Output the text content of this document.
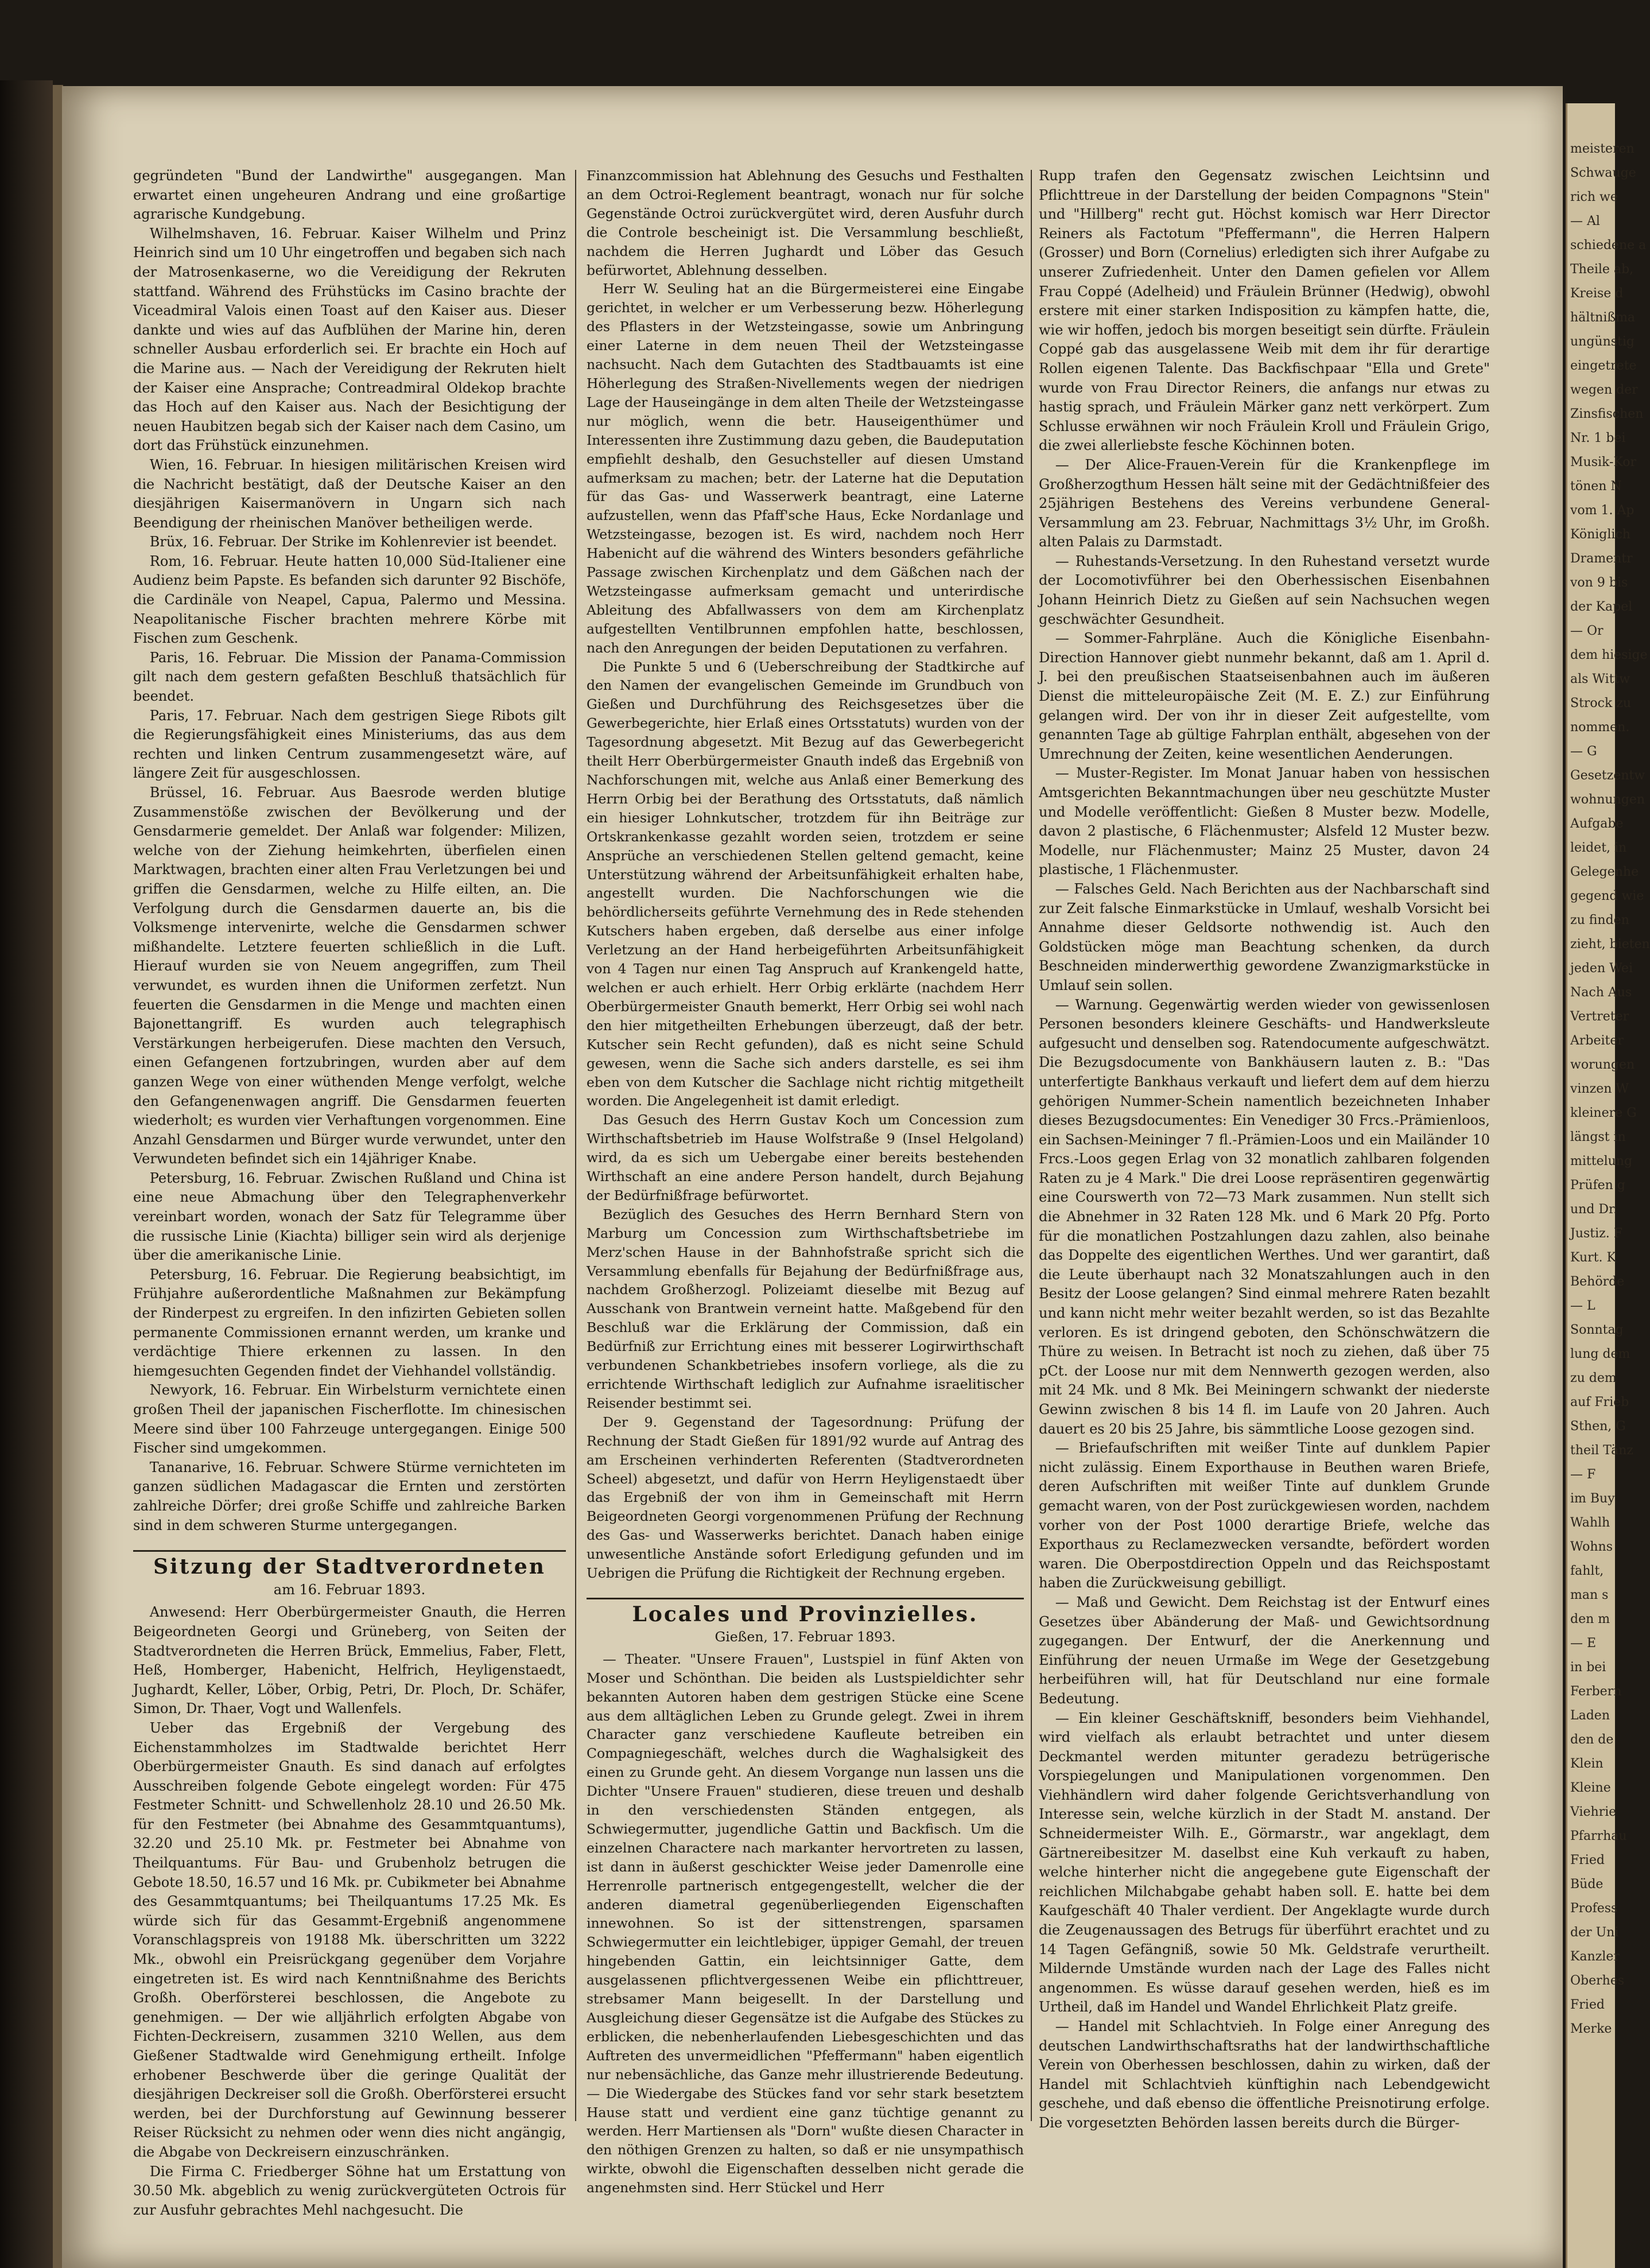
gegründeten "Bund der Landwirthe" ausgegangen. Man erwartet einen ungeheuren Andrang und eine großartige agrarische Kundgebung.

Wilhelmshaven, 16. Februar. Kaiser Wilhelm und Prinz Heinrich sind um 10 Uhr eingetroffen und begaben sich nach der Matrosenkaserne, wo die Vereidigung der Rekruten stattfand. Während des Frühstücks im Casino brachte der Viceadmiral Valois einen Toast auf den Kaiser aus. Dieser dankte und wies auf das Aufblühen der Marine hin, deren schneller Ausbau erforderlich sei. Er brachte ein Hoch auf die Marine aus. — Nach der Vereidigung der Rekruten hielt der Kaiser eine Ansprache; Contreadmiral Oldekop brachte das Hoch auf den Kaiser aus. Nach der Besichtigung der neuen Haubitzen begab sich der Kaiser nach dem Casino, um dort das Frühstück einzunehmen.

Wien, 16. Februar. In hiesigen militärischen Kreisen wird die Nachricht bestätigt, daß der Deutsche Kaiser an den diesjährigen Kaisermanövern in Ungarn sich nach Beendigung der rheinischen Manöver betheiligen werde.

Brüx, 16. Februar. Der Strike im Kohlenrevier ist beendet.

Rom, 16. Februar. Heute hatten 10,000 Süd-Italiener eine Audienz beim Papste. Es befanden sich darunter 92 Bischöfe, die Cardinäle von Neapel, Capua, Palermo und Messina. Neapolitanische Fischer brachten mehrere Körbe mit Fischen zum Geschenk.

Paris, 16. Februar. Die Mission der Panama-Commission gilt nach dem gestern gefaßten Beschluß thatsächlich für beendet.

Paris, 17. Februar. Nach dem gestrigen Siege Ribots gilt die Regierungsfähigkeit eines Ministeriums, das aus dem rechten und linken Centrum zusammengesetzt wäre, auf längere Zeit für ausgeschlossen.

Brüssel, 16. Februar. Aus Baesrode werden blutige Zusammenstöße zwischen der Bevölkerung und der Gensdarmerie gemeldet. Der Anlaß war folgender: Milizen, welche von der Ziehung heimkehrten, überfielen einen Marktwagen, brachten einer alten Frau Verletzungen bei und griffen die Gensdarmen, welche zu Hilfe eilten, an. Die Verfolgung durch die Gensdarmen dauerte an, bis die Volksmenge intervenirte, welche die Gensdarmen schwer mißhandelte. Letztere feuerten schließlich in die Luft. Hierauf wurden sie von Neuem angegriffen, zum Theil verwundet, es wurden ihnen die Uniformen zerfetzt. Nun feuerten die Gensdarmen in die Menge und machten einen Bajonettangriff. Es wurden auch telegraphisch Verstärkungen herbeigerufen. Diese machten den Versuch, einen Gefangenen fortzubringen, wurden aber auf dem ganzen Wege von einer wüthenden Menge verfolgt, welche den Gefangenenwagen angriff. Die Gensdarmen feuerten wiederholt; es wurden vier Verhaftungen vorgenommen. Eine Anzahl Gensdarmen und Bürger wurde verwundet, unter den Verwundeten befindet sich ein 14jähriger Knabe.

Petersburg, 16. Februar. Zwischen Rußland und China ist eine neue Abmachung über den Telegraphenverkehr vereinbart worden, wonach der Satz für Telegramme über die russische Linie (Kiachta) billiger sein wird als derjenige über die amerikanische Linie.

Petersburg, 16. Februar. Die Regierung beabsichtigt, im Frühjahre außerordentliche Maßnahmen zur Bekämpfung der Rinderpest zu ergreifen. In den infizirten Gebieten sollen permanente Commissionen ernannt werden, um kranke und verdächtige Thiere erkennen zu lassen. In den hiemgesuchten Gegenden findet der Viehhandel vollständig.

Newyork, 16. Februar. Ein Wirbelsturm vernichtete einen großen Theil der japanischen Fischerflotte. Im chinesischen Meere sind über 100 Fahrzeuge untergegangen. Einige 500 Fischer sind umgekommen.

Tananarive, 16. Februar. Schwere Stürme vernichteten im ganzen südlichen Madagascar die Ernten und zerstörten zahlreiche Dörfer; drei große Schiffe und zahlreiche Barken sind in dem schweren Sturme untergegangen.

Sitzung der Stadtverordneten
am 16. Februar 1893.

Anwesend: Herr Oberbürgermeister Gnauth, die Herren Beigeordneten Georgi und Grüneberg, von Seiten der Stadtverordneten die Herren Brück, Emmelius, Faber, Flett, Heß, Homberger, Habenicht, Helfrich, Heyligenstaedt, Jughardt, Keller, Löber, Orbig, Petri, Dr. Ploch, Dr. Schäfer, Simon, Dr. Thaer, Vogt und Wallenfels.

Ueber das Ergebniß der Vergebung des Eichenstammholzes im Stadtwalde berichtet Herr Oberbürgermeister Gnauth. Es sind danach auf erfolgtes Ausschreiben folgende Gebote eingelegt worden: Für 475 Festmeter Schnitt- und Schwellenholz 28.10 und 26.50 Mk. für den Festmeter (bei Abnahme des Gesammtquantums), 32.20 und 25.10 Mk. pr. Festmeter bei Abnahme von Theilquantums. Für Bau- und Grubenholz betrugen die Gebote 18.50, 16.57 und 16 Mk. pr. Cubikmeter bei Abnahme des Gesammtquantums; bei Theilquantums 17.25 Mk. Es würde sich für das Gesammt-Ergebniß angenommene Voranschlagspreis von 19188 Mk. überschritten um 3222 Mk., obwohl ein Preisrückgang gegenüber dem Vorjahre eingetreten ist. Es wird nach Kenntnißnahme des Berichts Großh. Oberförsterei beschlossen, die Angebote zu genehmigen. — Der wie alljährlich erfolgten Abgabe von Fichten-Deckreisern, zusammen 3210 Wellen, aus dem Gießener Stadtwalde wird Genehmigung ertheilt. Infolge erhobener Beschwerde über die geringe Qualität der diesjährigen Deckreiser soll die Großh. Oberförsterei ersucht werden, bei der Durchforstung auf Gewinnung besserer Reiser Rücksicht zu nehmen oder wenn dies nicht angängig, die Abgabe von Deckreisern einzuschränken.

Die Firma C. Friedberger Söhne hat um Erstattung von 30.50 Mk. abgeblich zu wenig zurückvergüteten Octrois für zur Ausfuhr gebrachtes Mehl nachgesucht. Die

Finanzcommission hat Ablehnung des Gesuchs und Festhalten an dem Octroi-Reglement beantragt, wonach nur für solche Gegenstände Octroi zurückvergütet wird, deren Ausfuhr durch die Controle bescheinigt ist. Die Versammlung beschließt, nachdem die Herren Jughardt und Löber das Gesuch befürwortet, Ablehnung desselben.

Herr W. Seuling hat an die Bürgermeisterei eine Eingabe gerichtet, in welcher er um Verbesserung bezw. Höherlegung des Pflasters in der Wetzsteingasse, sowie um Anbringung einer Laterne in dem neuen Theil der Wetzsteingasse nachsucht. Nach dem Gutachten des Stadtbauamts ist eine Höherlegung des Straßen-Nivellements wegen der niedrigen Lage der Hauseingänge in dem alten Theile der Wetzsteingasse nur möglich, wenn die betr. Hauseigenthümer und Interessenten ihre Zustimmung dazu geben, die Baudeputation empfiehlt deshalb, den Gesuchsteller auf diesen Umstand aufmerksam zu machen; betr. der Laterne hat die Deputation für das Gas- und Wasserwerk beantragt, eine Laterne aufzustellen, wenn das Pfaff'sche Haus, Ecke Nordanlage und Wetzsteingasse, bezogen ist. Es wird, nachdem noch Herr Habenicht auf die während des Winters besonders gefährliche Passage zwischen Kirchenplatz und dem Gäßchen nach der Wetzsteingasse aufmerksam gemacht und unterirdische Ableitung des Abfallwassers von dem am Kirchenplatz aufgestellten Ventilbrunnen empfohlen hatte, beschlossen, nach den Anregungen der beiden Deputationen zu verfahren.

Die Punkte 5 und 6 (Ueberschreibung der Stadtkirche auf den Namen der evangelischen Gemeinde im Grundbuch von Gießen und Durchführung des Reichsgesetzes über die Gewerbegerichte, hier Erlaß eines Ortsstatuts) wurden von der Tagesordnung abgesetzt. Mit Bezug auf das Gewerbegericht theilt Herr Oberbürgermeister Gnauth indeß das Ergebniß von Nachforschungen mit, welche aus Anlaß einer Bemerkung des Herrn Orbig bei der Berathung des Ortsstatuts, daß nämlich ein hiesiger Lohnkutscher, trotzdem für ihn Beiträge zur Ortskrankenkasse gezahlt worden seien, trotzdem er seine Ansprüche an verschiedenen Stellen geltend gemacht, keine Unterstützung während der Arbeitsunfähigkeit erhalten habe, angestellt wurden. Die Nachforschungen wie die behördlicherseits geführte Vernehmung des in Rede stehenden Kutschers haben ergeben, daß derselbe aus einer infolge Verletzung an der Hand herbeigeführten Arbeitsunfähigkeit von 4 Tagen nur einen Tag Anspruch auf Krankengeld hatte, welchen er auch erhielt. Herr Orbig erklärte (nachdem Herr Oberbürgermeister Gnauth bemerkt, Herr Orbig sei wohl nach den hier mitgetheilten Erhebungen überzeugt, daß der betr. Kutscher sein Recht gefunden), daß es nicht seine Schuld gewesen, wenn die Sache sich anders darstelle, es sei ihm eben von dem Kutscher die Sachlage nicht richtig mitgetheilt worden. Die Angelegenheit ist damit erledigt.

Das Gesuch des Herrn Gustav Koch um Concession zum Wirthschaftsbetrieb im Hause Wolfstraße 9 (Insel Helgoland) wird, da es sich um Uebergabe einer bereits bestehenden Wirthschaft an eine andere Person handelt, durch Bejahung der Bedürfnißfrage befürwortet.

Bezüglich des Gesuches des Herrn Bernhard Stern von Marburg um Concession zum Wirthschaftsbetriebe im Merz'schen Hause in der Bahnhofstraße spricht sich die Versammlung ebenfalls für Bejahung der Bedürfnißfrage aus, nachdem Großherzogl. Polizeiamt dieselbe mit Bezug auf Ausschank von Brantwein verneint hatte. Maßgebend für den Beschluß war die Erklärung der Commission, daß ein Bedürfniß zur Errichtung eines mit besserer Logirwirthschaft verbundenen Schankbetriebes insofern vorliege, als die zu errichtende Wirthschaft lediglich zur Aufnahme israelitischer Reisender bestimmt sei.

Der 9. Gegenstand der Tagesordnung: Prüfung der Rechnung der Stadt Gießen für 1891/92 wurde auf Antrag des am Erscheinen verhinderten Referenten (Stadtverordneten Scheel) abgesetzt, und dafür von Herrn Heyligenstaedt über das Ergebniß der von ihm in Gemeinschaft mit Herrn Beigeordneten Georgi vorgenommenen Prüfung der Rechnung des Gas- und Wasserwerks berichtet. Danach haben einige unwesentliche Anstände sofort Erledigung gefunden und im Uebrigen die Prüfung die Richtigkeit der Rechnung ergeben.

Locales und Provinzielles.
Gießen, 17. Februar 1893.

— Theater. "Unsere Frauen", Lustspiel in fünf Akten von Moser und Schönthan. Die beiden als Lustspieldichter sehr bekannten Autoren haben dem gestrigen Stücke eine Scene aus dem alltäglichen Leben zu Grunde gelegt. Zwei in ihrem Character ganz verschiedene Kaufleute betreiben ein Compagniegeschäft, welches durch die Waghalsigkeit des einen zu Grunde geht. An diesem Vorgange nun lassen uns die Dichter "Unsere Frauen" studieren, diese treuen und deshalb in den verschiedensten Ständen entgegen, als Schwiegermutter, jugendliche Gattin und Backfisch. Um die einzelnen Charactere nach markanter hervortreten zu lassen, ist dann in äußerst geschickter Weise jeder Damenrolle eine Herrenrolle partnerisch entgegengestellt, welcher die der anderen diametral gegenüberliegenden Eigenschaften innewohnen. So ist der sittenstrengen, sparsamen Schwiegermutter ein leichtlebiger, üppiger Gemahl, der treuen hingebenden Gattin, ein leichtsinniger Gatte, dem ausgelassenen pflichtvergessenen Weibe ein pflichttreuer, strebsamer Mann beigesellt. In der Darstellung und Ausgleichung dieser Gegensätze ist die Aufgabe des Stückes zu erblicken, die nebenherlaufenden Liebesgeschichten und das Auftreten des unvermeidlichen "Pfeffermann" haben eigentlich nur nebensächliche, das Ganze mehr illustrierende Bedeutung. — Die Wiedergabe des Stückes fand vor sehr stark besetztem Hause statt und verdient eine ganz tüchtige genannt zu werden. Herr Martiensen als "Dorn" wußte diesen Character in den nöthigen Grenzen zu halten, so daß er nie unsympathisch wirkte, obwohl die Eigenschaften desselben nicht gerade die angenehmsten sind. Herr Stückel und Herr

Rupp trafen den Gegensatz zwischen Leichtsinn und Pflichttreue in der Darstellung der beiden Compagnons "Stein" und "Hillberg" recht gut. Höchst komisch war Herr Director Reiners als Factotum "Pfeffermann", die Herren Halpern (Grosser) und Born (Cornelius) erledigten sich ihrer Aufgabe zu unserer Zufriedenheit. Unter den Damen gefielen vor Allem Frau Coppé (Adelheid) und Fräulein Brünner (Hedwig), obwohl erstere mit einer starken Indisposition zu kämpfen hatte, die, wie wir hoffen, jedoch bis morgen beseitigt sein dürfte. Fräulein Coppé gab das ausgelassene Weib mit dem ihr für derartige Rollen eigenen Talente. Das Backfischpaar "Ella und Grete" wurde von Frau Director Reiners, die anfangs nur etwas zu hastig sprach, und Fräulein Märker ganz nett verkörpert. Zum Schlusse erwähnen wir noch Fräulein Kroll und Fräulein Grigo, die zwei allerliebste fesche Köchinnen boten.

— Der Alice-Frauen-Verein für die Krankenpflege im Großherzogthum Hessen hält seine mit der Gedächtnißfeier des 25jährigen Bestehens des Vereins verbundene General-Versammlung am 23. Februar, Nachmittags 3½ Uhr, im Großh. alten Palais zu Darmstadt.

— Ruhestands-Versetzung. In den Ruhestand versetzt wurde der Locomotivführer bei den Oberhessischen Eisenbahnen Johann Heinrich Dietz zu Gießen auf sein Nachsuchen wegen geschwächter Gesundheit.

— Sommer-Fahrpläne. Auch die Königliche Eisenbahn-Direction Hannover giebt nunmehr bekannt, daß am 1. April d. J. bei den preußischen Staatseisenbahnen auch im äußeren Dienst die mitteleuropäische Zeit (M. E. Z.) zur Einführung gelangen wird. Der von ihr in dieser Zeit aufgestellte, vom genannten Tage ab gültige Fahrplan enthält, abgesehen von der Umrechnung der Zeiten, keine wesentlichen Aenderungen.

— Muster-Register. Im Monat Januar haben von hessischen Amtsgerichten Bekanntmachungen über neu geschützte Muster und Modelle veröffentlicht: Gießen 8 Muster bezw. Modelle, davon 2 plastische, 6 Flächenmuster; Alsfeld 12 Muster bezw. Modelle, nur Flächenmuster; Mainz 25 Muster, davon 24 plastische, 1 Flächenmuster.

— Falsches Geld. Nach Berichten aus der Nachbarschaft sind zur Zeit falsche Einmarkstücke in Umlauf, weshalb Vorsicht bei Annahme dieser Geldsorte nothwendig ist. Auch den Goldstücken möge man Beachtung schenken, da durch Beschneiden minderwerthig gewordene Zwanzigmarkstücke in Umlauf sein sollen.

— Warnung. Gegenwärtig werden wieder von gewissenlosen Personen besonders kleinere Geschäfts- und Handwerksleute aufgesucht und denselben sog. Ratendocumente aufgeschwätzt. Die Bezugsdocumente von Bankhäusern lauten z. B.: "Das unterfertigte Bankhaus verkauft und liefert dem auf dem hierzu gehörigen Nummer-Schein namentlich bezeichneten Inhaber dieses Bezugsdocumentes: Ein Venediger 30 Frcs.-Prämienloos, ein Sachsen-Meininger 7 fl.-Prämien-Loos und ein Mailänder 10 Frcs.-Loos gegen Erlag von 32 monatlich zahlbaren folgenden Raten zu je 4 Mark." Die drei Loose repräsentiren gegenwärtig eine Courswerth von 72—73 Mark zusammen. Nun stellt sich die Abnehmer in 32 Raten 128 Mk. und 6 Mark 20 Pfg. Porto für die monatlichen Postzahlungen dazu zahlen, also beinahe das Doppelte des eigentlichen Werthes. Und wer garantirt, daß die Leute überhaupt nach 32 Monatszahlungen auch in den Besitz der Loose gelangen? Sind einmal mehrere Raten bezahlt und kann nicht mehr weiter bezahlt werden, so ist das Bezahlte verloren. Es ist dringend geboten, den Schönschwätzern die Thüre zu weisen. In Betracht ist noch zu ziehen, daß über 75 pCt. der Loose nur mit dem Nennwerth gezogen werden, also mit 24 Mk. und 8 Mk. Bei Meiningern schwankt der niederste Gewinn zwischen 8 bis 14 fl. im Laufe von 20 Jahren. Auch dauert es 20 bis 25 Jahre, bis sämmtliche Loose gezogen sind.

— Briefaufschriften mit weißer Tinte auf dunklem Papier nicht zulässig. Einem Exporthause in Beuthen waren Briefe, deren Aufschriften mit weißer Tinte auf dunklem Grunde gemacht waren, von der Post zurückgewiesen worden, nachdem vorher von der Post 1000 derartige Briefe, welche das Exporthaus zu Reclamezwecken versandte, befördert worden waren. Die Oberpostdirection Oppeln und das Reichspostamt haben die Zurückweisung gebilligt.

— Maß und Gewicht. Dem Reichstag ist der Entwurf eines Gesetzes über Abänderung der Maß- und Gewichtsordnung zugegangen. Der Entwurf, der die Anerkennung und Einführung der neuen Urmaße im Wege der Gesetzgebung herbeiführen will, hat für Deutschland nur eine formale Bedeutung.

— Ein kleiner Geschäftskniff, besonders beim Viehhandel, wird vielfach als erlaubt betrachtet und unter diesem Deckmantel werden mitunter geradezu betrügerische Vorspiegelungen und Manipulationen vorgenommen. Den Viehhändlern wird daher folgende Gerichtsverhandlung von Interesse sein, welche kürzlich in der Stadt M. anstand. Der Schneidermeister Wilh. E., Görmarstr., war angeklagt, dem Gärtnereibesitzer M. daselbst eine Kuh verkauft zu haben, welche hinterher nicht die angegebene gute Eigenschaft der reichlichen Milchabgabe gehabt haben soll. E. hatte bei dem Kaufgeschäft 40 Thaler verdient. Der Angeklagte wurde durch die Zeugenaussagen des Betrugs für überführt erachtet und zu 14 Tagen Gefängniß, sowie 50 Mk. Geldstrafe verurtheilt. Mildernde Umstände wurden nach der Lage des Falles nicht angenommen. Es wüsse darauf gesehen werden, hieß es im Urtheil, daß im Handel und Wandel Ehrlichkeit Platz greife.

— Handel mit Schlachtvieh. In Folge einer Anregung des deutschen Landwirthschaftsraths hat der landwirthschaftliche Verein von Oberhessen beschlossen, dahin zu wirken, daß der Handel mit Schlachtvieh künftighin nach Lebendgewicht geschehe, und daß ebenso die öffentliche Preisnotirung erfolge. Die vorgesetzten Behörden lassen bereits durch die Bürger-

meisteren
Schwauge
rich we
— Al
schiedene a
Theile ab,
Kreise d
hältnißma
ungünstig
eingetrete
wegen der
Zinsfischen
Nr. 1 bei
Musik-Kor
tönen N
vom 1. Ap
Königlich
Dramentr
von 9 bis
der Kapel
— Or
dem hiesige
als Wittw
Strock zu
nommen.
— G
Gesetzentw
wohnungen
Aufgabe
leidet, in
Gelegenhe
gegend wie
zu finden
zieht, bieten
jeden Wei
Nach Aus
Vertreter
Arbeiter
worungen
vinzen W
kleinere G
längst in
mittelung
Prüfen g
und Dr.
Justiz. F
Kurt. K
Behörde
— L
Sonntag
lung dem
zu dem
auf Frieb
Sthen, G
theil Tänz
— F
im Buy
Wahlh
Wohns
fahlt,
man s
den m
— E
in bei
Ferbern
Laden
den de
Klein
Kleine
Viehrie
Pfarrhau
Fried
Büde
Profess
der Uni
Kanzler
Oberhes
Fried
Merke
